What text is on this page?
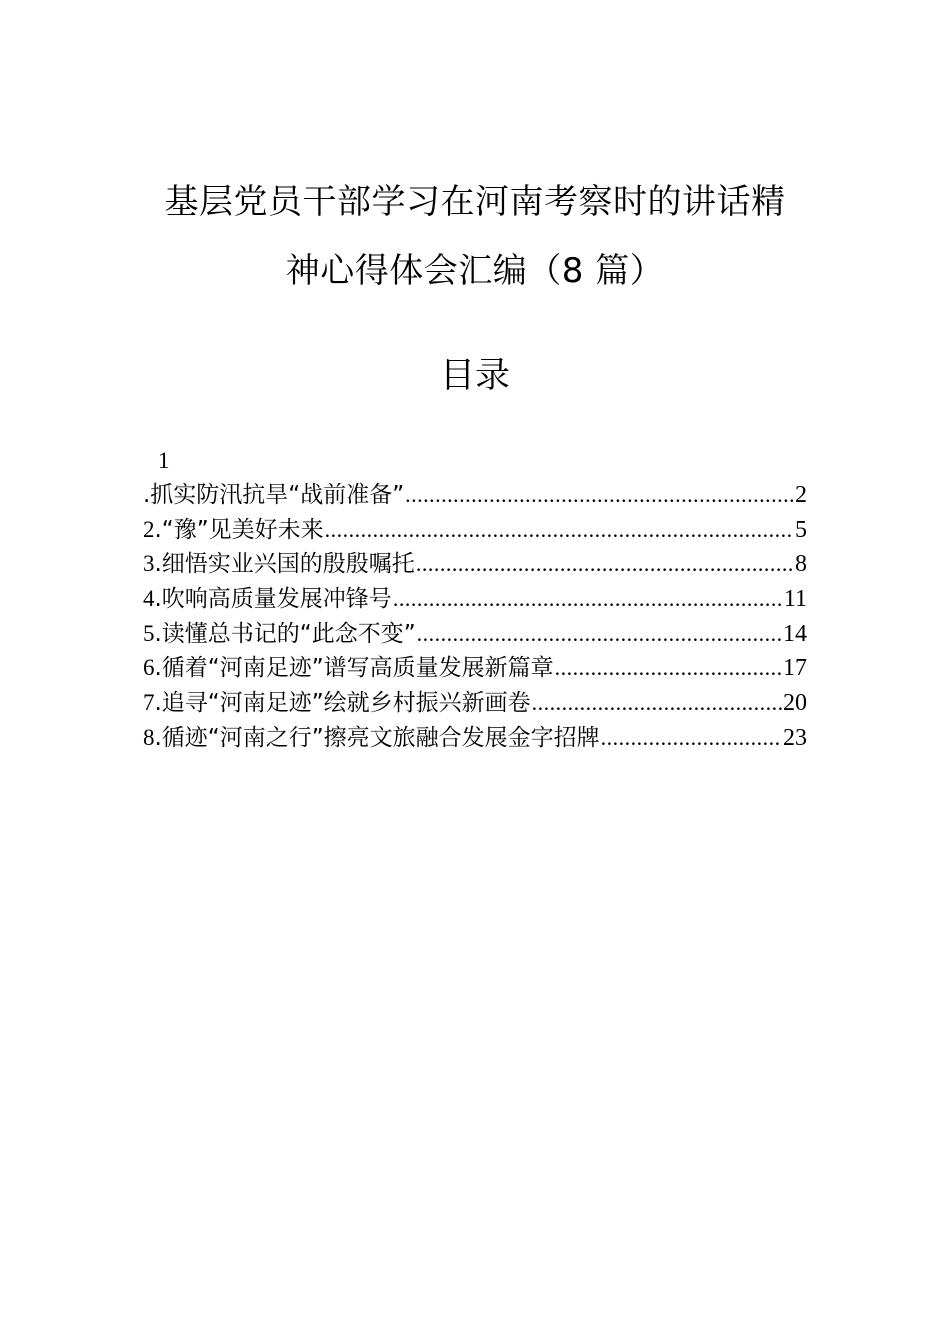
基层党员干部学习在河南考察时的讲话精
神心得体会汇编（8 篇）
目录
1
.抓实防汛抗旱“战前准备” .....	2
2.“豫”见美好未来 .....	5
3.细悟实业兴国的殷殷嘱托 .....	8
4.吹响高质量发展冲锋号 .....	11
5.读懂总书记的“此念不变” .....	14
6.循着“河南足迹”谱写高质量发展新篇章 .....	17
7.追寻“河南足迹”绘就乡村振兴新画卷 .....	20
8.循迹“河南之行”擦亮文旅融合发展金字招牌 .....	23
